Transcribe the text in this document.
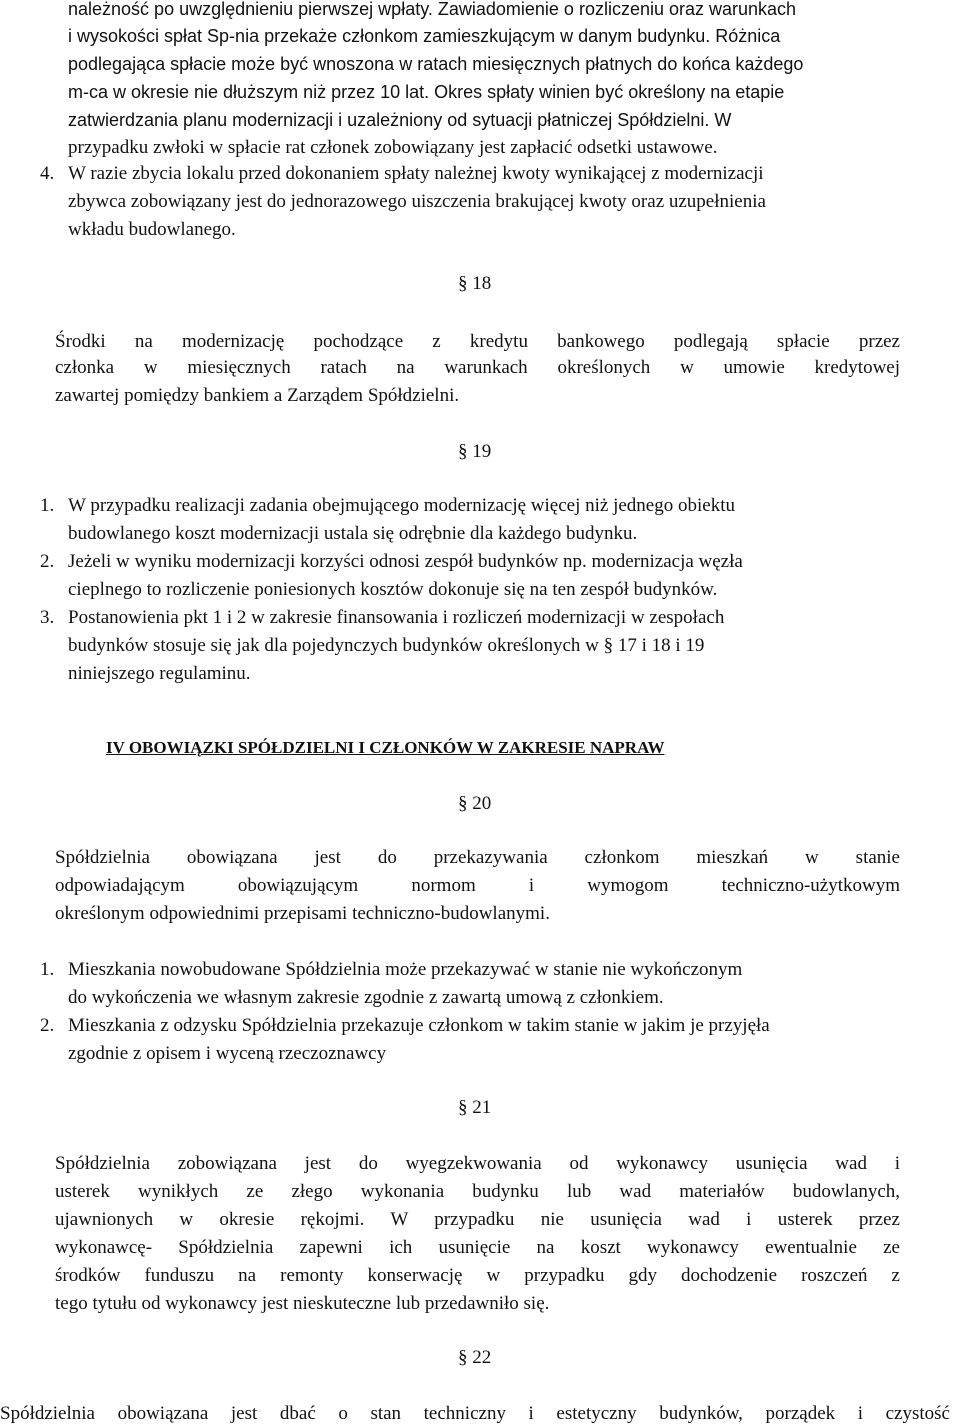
należność po uwzględnieniu pierwszej wpłaty. Zawiadomienie o rozliczeniu oraz warunkach
i wysokości spłat Sp-nia przekaże członkom zamieszkującym w danym budynku. Różnica
podlegająca spłacie może być wnoszona w ratach miesięcznych płatnych do końca każdego
m-ca w okresie nie dłuższym niż przez 10 lat. Okres spłaty winien być określony na etapie
zatwierdzania planu modernizacji i uzależniony od sytuacji płatniczej Spółdzielni. W
przypadku zwłoki w spłacie rat członek zobowiązany jest zapłacić odsetki ustawowe.
4. W razie zbycia lokalu przed dokonaniem spłaty należnej kwoty wynikającej z modernizacji
zbywca zobowiązany jest do jednorazowego uiszczenia brakującej kwoty oraz uzupełnienia
wkładu budowlanego.
§ 18
Środki na modernizację pochodzące z kredytu bankowego podlegają spłacie przez
członka w miesięcznych ratach na warunkach określonych w umowie kredytowej
zawartej pomiędzy bankiem a Zarządem Spółdzielni.
§ 19
1. W przypadku realizacji zadania obejmującego modernizację więcej niż jednego obiektu
budowlanego koszt modernizacji ustala się odrębnie dla każdego budynku.
2. Jeżeli w wyniku modernizacji korzyści odnosi zespół budynków np. modernizacja węzła
cieplnego to rozliczenie poniesionych kosztów dokonuje się na ten zespół budynków.
3. Postanowienia pkt 1 i 2 w zakresie finansowania i rozliczeń modernizacji w zespołach
budynków stosuje się jak dla pojedynczych budynków określonych w § 17 i 18 i 19
niniejszego regulaminu.
IV OBOWIĄZKI SPÓŁDZIELNI I CZŁONKÓW W ZAKRESIE NAPRAW
§ 20
Spółdzielnia obowiązana jest do przekazywania członkom mieszkań w stanie
odpowiadającym obowiązującym normom i wymogom techniczno-użytkowym
określonym odpowiednimi przepisami techniczno-budowlanymi.
1. Mieszkania nowobudowane Spółdzielnia może przekazywać w stanie nie wykończonym
do wykończenia we własnym zakresie zgodnie z zawartą umową z członkiem.
2. Mieszkania z odzysku Spółdzielnia przekazuje członkom w takim stanie w jakim je przyjęła
zgodnie z opisem i wyceną rzeczoznawcy
§ 21
Spółdzielnia zobowiązana jest do wyegzekwowania od wykonawcy usunięcia wad i
usterek wynikłych ze złego wykonania budynku lub wad materiałów budowlanych,
ujawnionych w okresie rękojmi. W przypadku nie usunięcia wad i usterek przez
wykonawcę- Spółdzielnia zapewni ich usunięcie na koszt wykonawcy ewentualnie ze
środków funduszu na remonty konserwację w przypadku gdy dochodzenie roszczeń z
tego tytułu od wykonawcy jest nieskuteczne lub przedawniło się.
§ 22
Spółdzielnia obowiązana jest dbać o stan techniczny i estetyczny budynków, porządek i czystość
